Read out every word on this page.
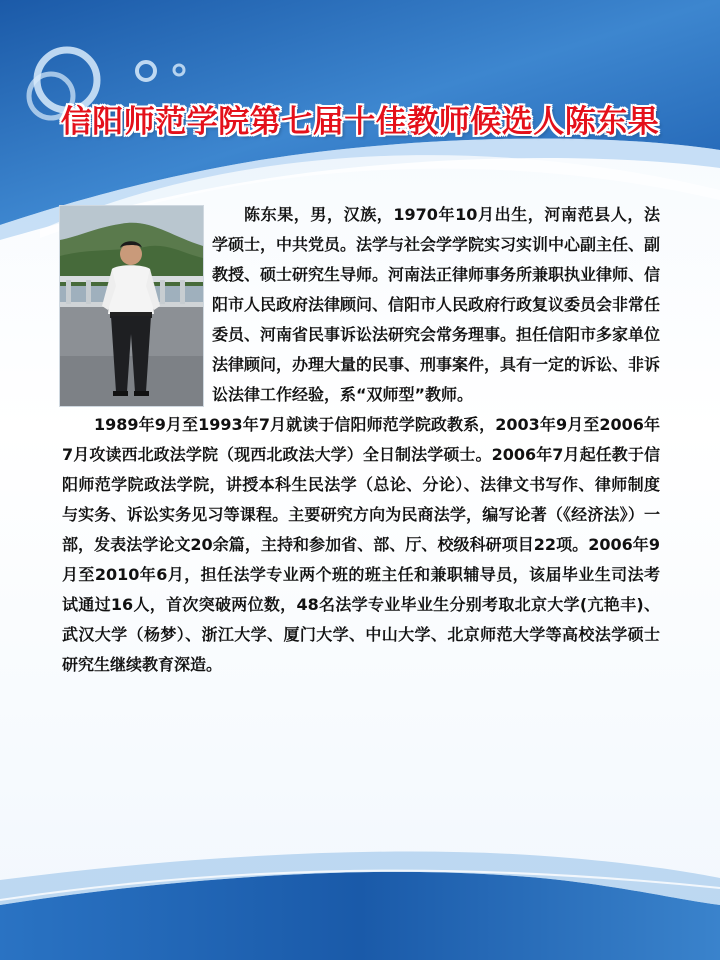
信阳师范学院第七届十佳教师候选人陈东果

陈东果，男，汉族，1970年10月出生，河南范县人，法学硕士，中共党员。法学与社会学学院实习实训中心副主任、副教授、硕士研究生导师。河南法正律师事务所兼职执业律师、信阳市人民政府法律顾问、信阳市人民政府行政复议委员会非常任委员、河南省民事诉讼法研究会常务理事。担任信阳市多家单位法律顾问，办理大量的民事、刑事案件，具有一定的诉讼、非诉讼法律工作经验，系“双师型”教师。

1989年9月至1993年7月就读于信阳师范学院政教系，2003年9月至2006年7月攻读西北政法学院（现西北政法大学）全日制法学硕士。2006年7月起任教于信阳师范学院政法学院，讲授本科生民法学（总论、分论）、法律文书写作、律师制度与实务、诉讼实务见习等课程。主要研究方向为民商法学，编写论著（《经济法》）一部，发表法学论文20余篇，主持和参加省、部、厅、校级科研项目22项。2006年9月至2010年6月，担任法学专业两个班的班主任和兼职辅导员，该届毕业生司法考试通过16人，首次突破两位数，48名法学专业毕业生分别考取北京大学(亢艳丰)、武汉大学（杨梦）、浙江大学、厦门大学、中山大学、北京师范大学等高校法学硕士研究生继续教育深造。
